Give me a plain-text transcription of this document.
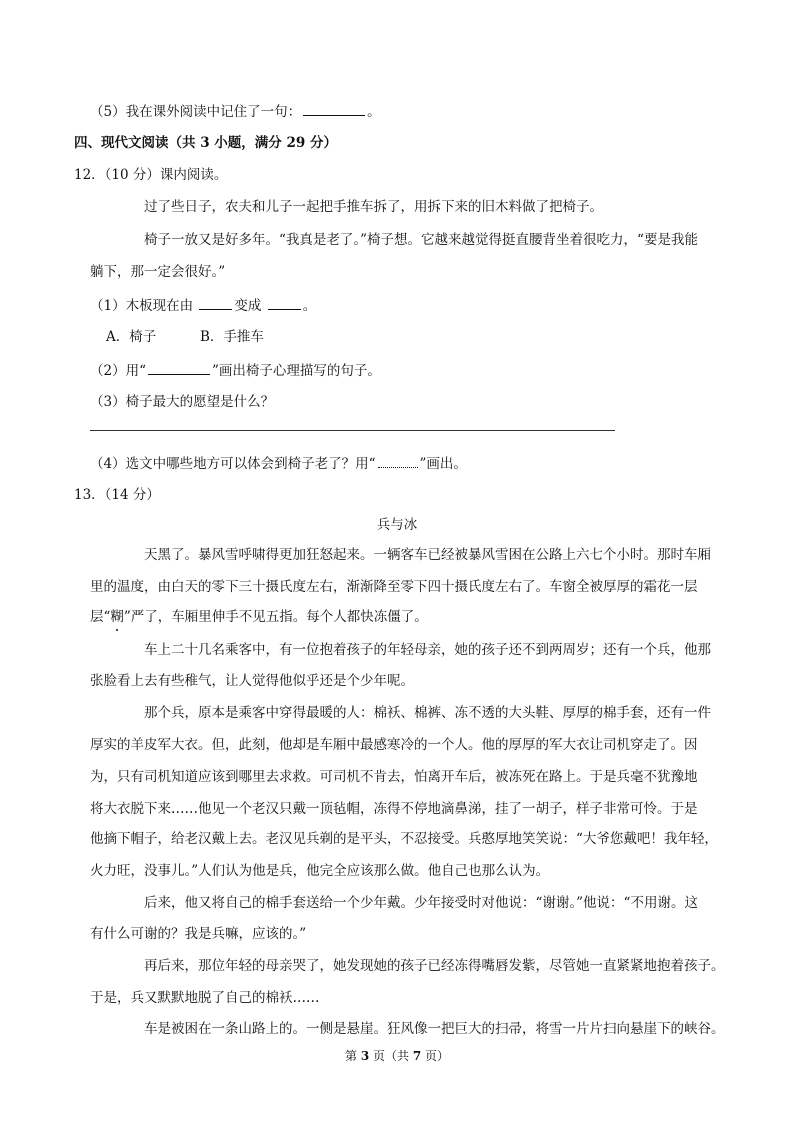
（5）我在课外阅读中记住了一句：	。
四、现代文阅读（共 3 小题，满分 29 分）
12．（10 分）课内阅读。
过了些日子，农夫和儿子一起把手推车拆了，用拆下来的旧木料做了把椅子。
椅子一放又是好多年。“我真是老了。”椅子想。它越来越觉得挺直腰背坐着很吃力，“要是我能
躺下，那一定会很好。”
（1）木板现在由	变成	。
A．椅子	B．手推车
（2）用“	”画出椅子心理描写的句子。
（3）椅子最大的愿望是什么？
（4）选文中哪些地方可以体会到椅子老了？用“	”画出。
13．（14 分）
兵与冰
天黑了。暴风雪呼啸得更加狂怒起来。一辆客车已经被暴风雪困在公路上六七个小时。那时车厢
里的温度，由白天的零下三十摄氏度左右，渐渐降至零下四十摄氏度左右了。车窗全被厚厚的霜花一层
层“糊”严了，车厢里伸手不见五指。每个人都快冻僵了。
车上二十几名乘客中，有一位抱着孩子的年轻母亲，她的孩子还不到两周岁；还有一个兵，他那
张脸看上去有些稚气，让人觉得他似乎还是个少年呢。
那个兵，原本是乘客中穿得最暖的人：棉袄、棉裤、冻不透的大头鞋、厚厚的棉手套，还有一件
厚实的羊皮军大衣。但，此刻，他却是车厢中最感寒冷的一个人。他的厚厚的军大衣让司机穿走了。因
为，只有司机知道应该到哪里去求救。可司机不肯去，怕离开车后，被冻死在路上。于是兵毫不犹豫地
将大衣脱下来……他见一个老汉只戴一顶毡帽，冻得不停地滴鼻涕，挂了一胡子，样子非常可怜。于是
他摘下帽子，给老汉戴上去。老汉见兵剃的是平头，不忍接受。兵憨厚地笑笑说：“大爷您戴吧！我年轻，
火力旺，没事儿。”人们认为他是兵，他完全应该那么做。他自己也那么认为。
后来，他又将自己的棉手套送给一个少年戴。少年接受时对他说：“谢谢。”他说：“不用谢。这
有什么可谢的？我是兵嘛，应该的。”
再后来，那位年轻的母亲哭了，她发现她的孩子已经冻得嘴唇发紫，尽管她一直紧紧地抱着孩子。
于是，兵又默默地脱了自己的棉袄……
车是被困在一条山路上的。一侧是悬崖。狂风像一把巨大的扫帚，将雪一片片扫向悬崖下的峡谷。
第 3 页（共 7 页）
